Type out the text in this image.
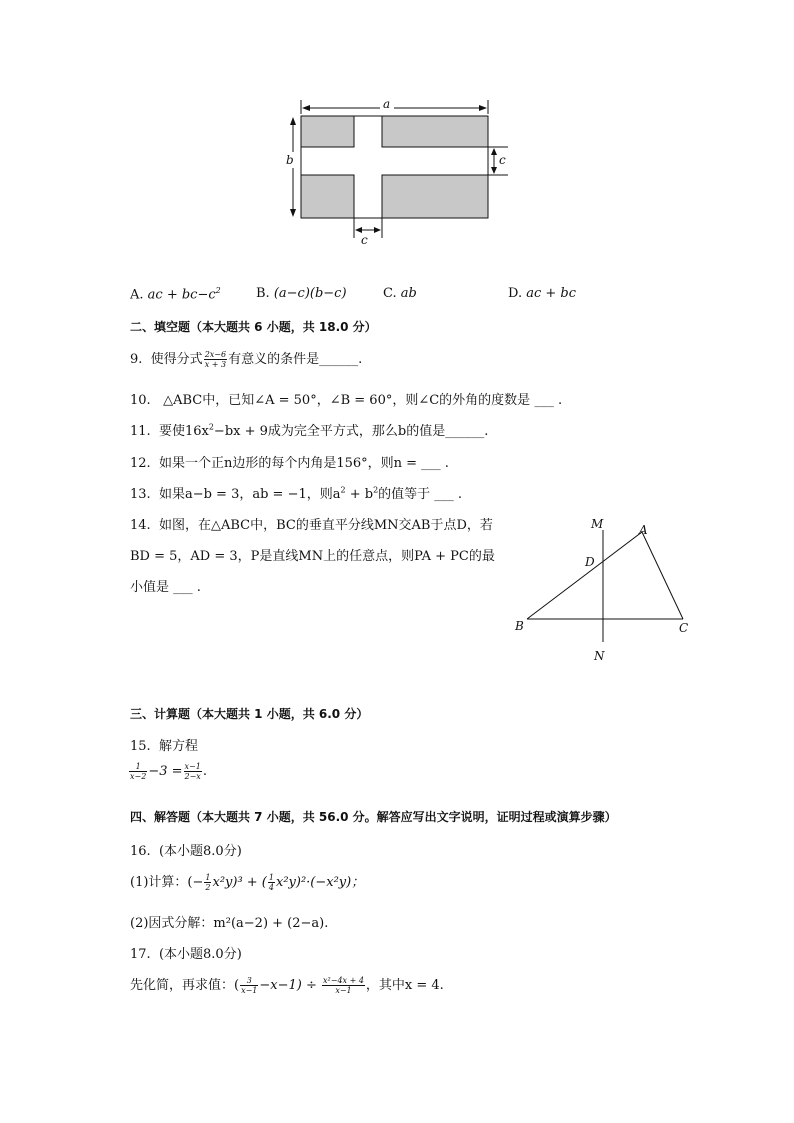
a
b	c
c
A. ac + $bc-c^2$	B. (a−c)(b−c)	C. ab	D. ac + bc
二、填空题（本大题共 6 小题，共 18.0 分）
9. 使得分式 $\frac{2x-6}{x + 3}$ 有意义的条件是______.
10. △ABC中，已知∠A = 50°，∠B = 60°，则∠C的外角的度数是 ___ .
11. 要使$16x^2-bx + 9$成为完全平方式，那么b的值是______.
12. 如果一个正n边形的每个内角是156°，则n = ___ .
13. 如果a−b = 3，ab = −1，则$a^2 + b^2$的值等于 ___ .
14. 如图，在△ABC中，BC的垂直平分线MN交AB于点D，若
BD = 5，AD = 3，P是直线MN上的任意点，则PA + PC的最
小值是 ___ .
M	A
D
B	C
N
三、计算题（本大题共 1 小题，共 6.0 分）
15. 解方程
$\frac{1}{x-2} -3 = \frac{x-1}{2-x}$ .
四、解答题（本大题共 7 小题，共 56.0 分。解答应写出文字说明，证明过程或演算步骤）
16. (本小题8.0分)
(1)计算：(− $\frac{1}{2} x^2y)^3$ + ( $\frac{1}{4} x^2y)^2\cdot(-x^2y)$；
(2)因式分解：m²(a−2) + (2−a).
17. (本小题8.0分)
先化简，再求值：( $\frac{3}{x-1} -x-1) \div \frac{\text{x²−4x + 4}}{x-1}$ ，其中x = 4.
